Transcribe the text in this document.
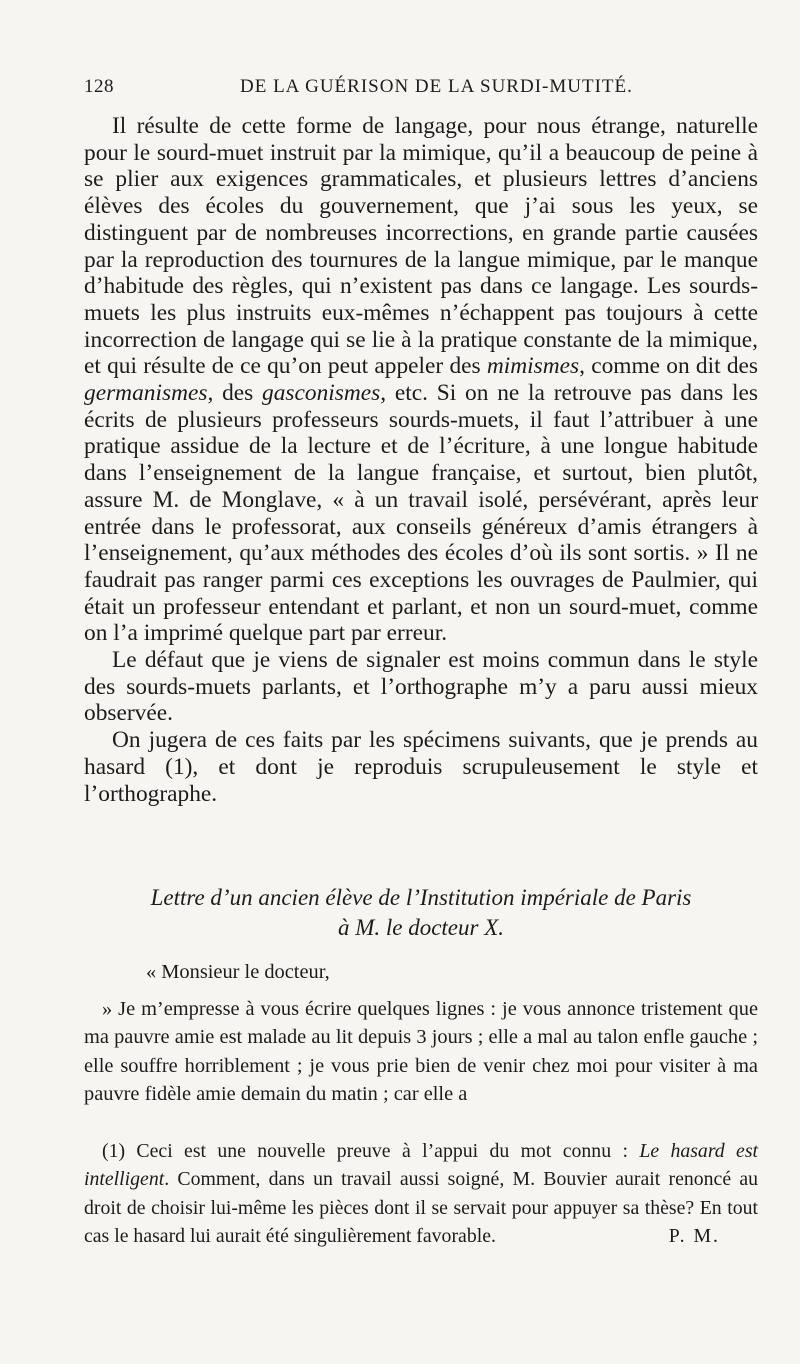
128	DE LA GUÉRISON DE LA SURDI-MUTITÉ.

Il résulte de cette forme de langage, pour nous étrange, naturelle pour le sourd-muet instruit par la mimique, qu’il a beaucoup de peine à se plier aux exigences grammaticales, et plusieurs lettres d’anciens élèves des écoles du gouvernement, que j’ai sous les yeux, se distinguent par de nombreuses incorrections, en grande partie causées par la reproduction des tournures de la langue mimique, par le manque d’habitude des règles, qui n’existent pas dans ce langage. Les sourds-muets les plus instruits eux-mêmes n’échappent pas toujours à cette incorrection de langage qui se lie à la pratique constante de la mimique, et qui résulte de ce qu’on peut appeler des mimismes, comme on dit des germanismes, des gasconismes, etc. Si on ne la retrouve pas dans les écrits de plusieurs professeurs sourds-muets, il faut l’attribuer à une pratique assidue de la lecture et de l’écriture, à une longue habitude dans l’enseignement de la langue française, et surtout, bien plutôt, assure M. de Monglave, « à un travail isolé, persévérant, après leur entrée dans le professorat, aux conseils généreux d’amis étrangers à l’enseignement, qu’aux méthodes des écoles d’où ils sont sortis. » Il ne faudrait pas ranger parmi ces exceptions les ouvrages de Paulmier, qui était un professeur entendant et parlant, et non un sourd-muet, comme on l’a imprimé quelque part par erreur.

Le défaut que je viens de signaler est moins commun dans le style des sourds-muets parlants, et l’orthographe m’y a paru aussi mieux observée.

On jugera de ces faits par les spécimens suivants, que je prends au hasard (1), et dont je reproduis scrupuleusement le style et l’orthographe.

Lettre d’un ancien élève de l’Institution impériale de Paris
à M. le docteur X.

« Monsieur le docteur,

» Je m’empresse à vous écrire quelques lignes : je vous annonce tristement que ma pauvre amie est malade au lit depuis 3 jours ; elle a mal au talon enfle gauche ; elle souffre horriblement ; je vous prie bien de venir chez moi pour visiter à ma pauvre fidèle amie demain du matin ; car elle a

(1) Ceci est une nouvelle preuve à l’appui du mot connu : Le hasard est intelligent. Comment, dans un travail aussi soigné, M. Bouvier aurait renoncé au droit de choisir lui-même les pièces dont il se servait pour appuyer sa thèse? En tout cas le hasard lui aurait été singulièrement favorable.	P. M.
